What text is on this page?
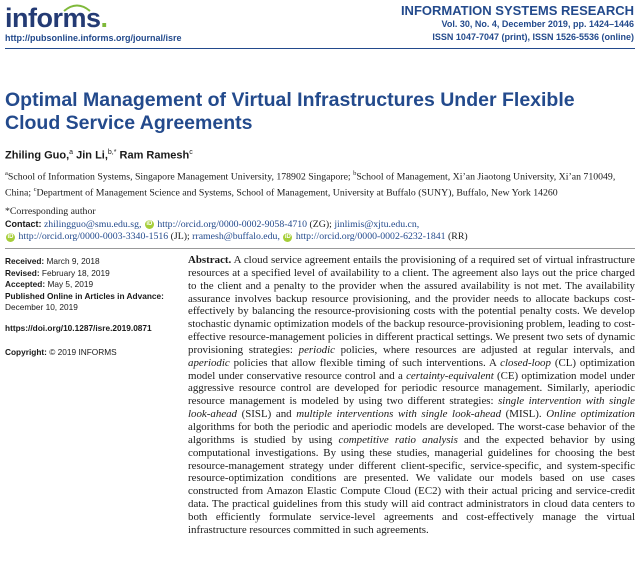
informs.
http://pubsonline.informs.org/journal/isre
INFORMATION SYSTEMS RESEARCH
Vol. 30, No. 4, December 2019, pp. 1424–1446
ISSN 1047-7047 (print), ISSN 1526-5536 (online)
Optimal Management of Virtual Infrastructures Under Flexible Cloud Service Agreements
Zhiling Guo,$^a$ Jin Li,$^{b,*}$ Ram Ramesh$^c$
$^a$School of Information Systems, Singapore Management University, 178902 Singapore; $^b$School of Management, Xi’an Jiaotong University, Xi’an 710049, China; $^c$Department of Management Science and Systems, School of Management, University at Buffalo (SUNY), Buffalo, New York 14260
*Corresponding author
Contact: zhilingguo@smu.edu.sg, iD http://orcid.org/0000-0002-9058-4710 (ZG); jinlimis@xjtu.edu.cn,
iD http://orcid.org/0000-0003-3340-1516 (JL); rramesh@buffalo.edu, iD http://orcid.org/0000-0002-6232-1841 (RR)
Received: March 9, 2018
Revised: February 18, 2019
Accepted: May 5, 2019
Published Online in Articles in Advance:
December 10, 2019
https://doi.org/10.1287/isre.2019.0871
Copyright: © 2019 INFORMS
Abstract. A cloud service agreement entails the provisioning of a required set of virtual infrastructure resources at a specified level of availability to a client. The agreement also lays out the price charged to the client and a penalty to the provider when the assured availability is not met. The availability assurance involves backup resource provisioning, and the provider needs to allocate backups cost-effectively by balancing the resource-provisioning costs with the potential penalty costs. We develop stochastic dynamic optimization models of the backup resource-provisioning problem, leading to cost-effective resource-management policies in different practical settings. We present two sets of dynamic provisioning strategies: periodic policies, where resources are adjusted at regular intervals, and aperiodic policies that allow flexible timing of such interventions. A closed-loop (CL) optimization model under conservative resource control and a certainty-equivalent (CE) optimization model under aggressive resource control are developed for periodic resource management. Similarly, aperiodic resource management is modeled by using two different strategies: single intervention with single look-ahead (SISL) and multiple interventions with single look-ahead (MISL). Online optimization algorithms for both the periodic and aperiodic models are developed. The worst-case behavior of the algorithms is studied by using competitive ratio analysis and the expected behavior by using computational investigations. By using these studies, managerial guidelines for choosing the best resource-management strategy under different client-specific, service-specific, and system-specific resource-optimization conditions are presented. We validate our models based on use cases constructed from Amazon Elastic Compute Cloud (EC2) with their actual pricing and service-credit data. The practical guidelines from this study will aid contract administrators in cloud data centers to both efficiently formulate service-level agreements and cost-effectively manage the virtual infrastructure resources committed in such agreements.
